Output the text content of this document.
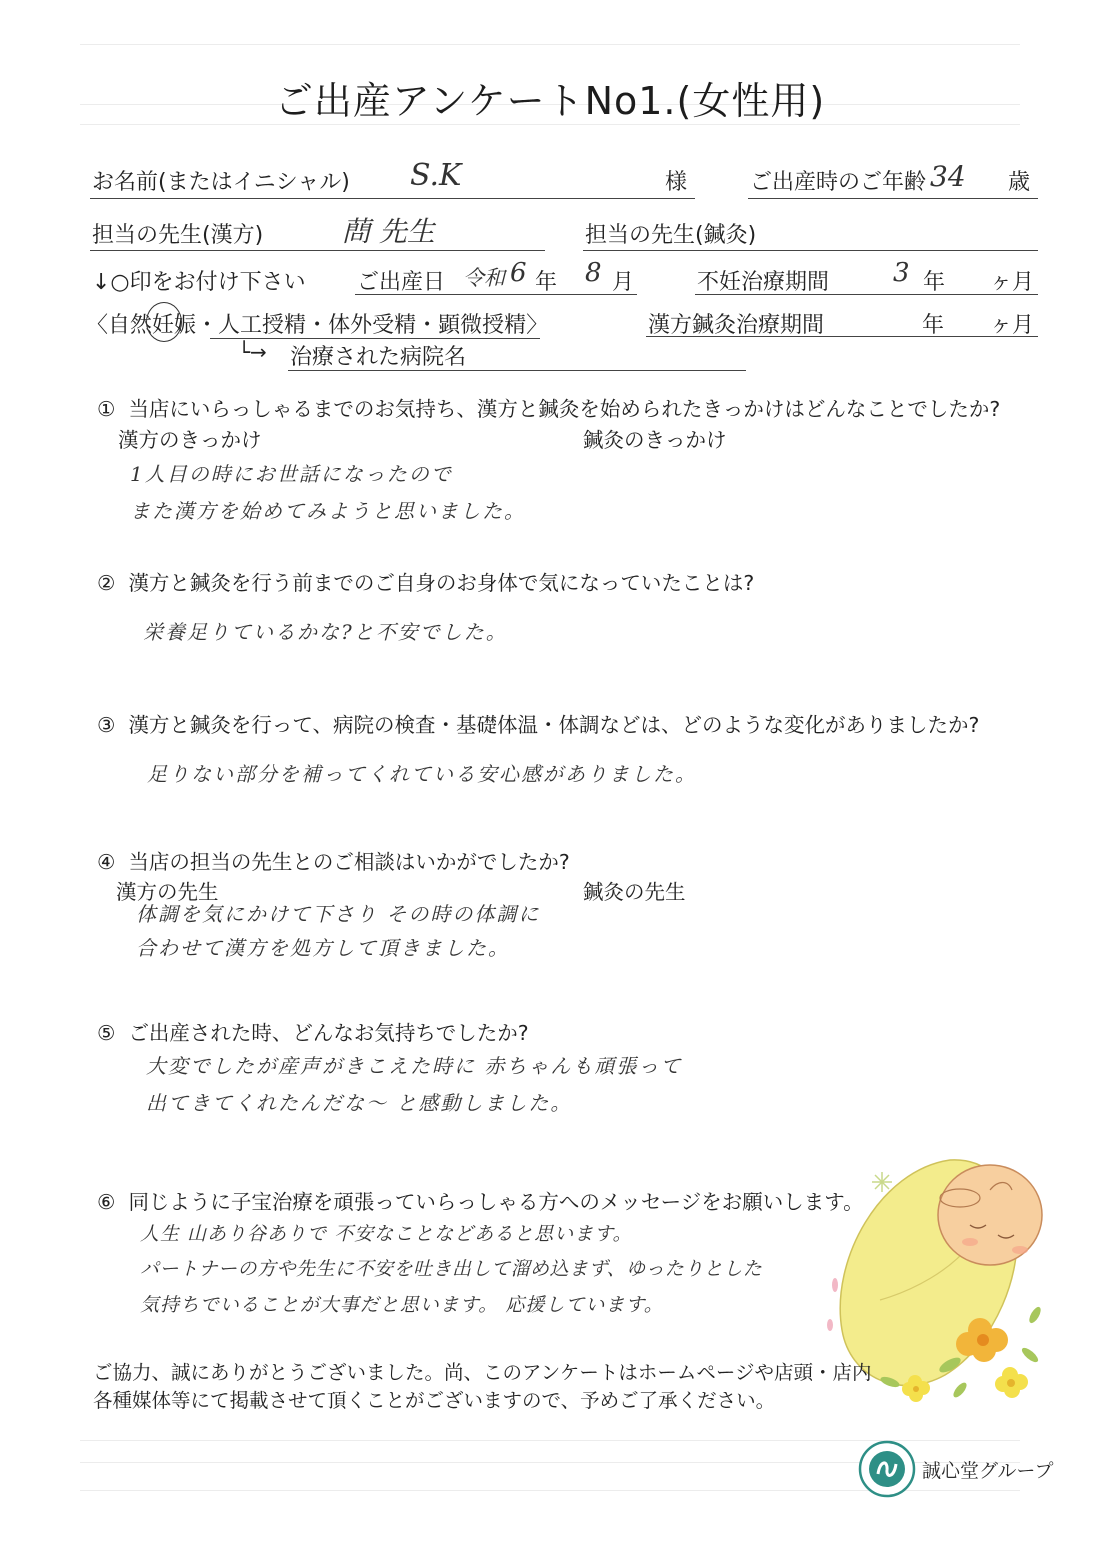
ご出産アンケートNo1.(女性用)
お名前(またはイニシャル) S.K	様	ご出産時のご年齢 34 歳
担当の先生(漢方)	蔄 先生	担当の先生(鍼灸)
↓○印をお付け下さい ご出産日 令和 6 年 8 月	不妊治療期間 3 年 ヶ月
〈自然妊娠・人工授精・体外受精・顕微授精〉	漢方鍼灸治療期間	年 ヶ月
└→ 治療された病院名
① 当店にいらっしゃるまでのお気持ち、漢方と鍼灸を始められたきっかけはどんなことでしたか?
漢方のきっかけ	鍼灸のきっかけ
1人目の時にお世話になったので
また漢方を始めてみようと思いました。
② 漢方と鍼灸を行う前までのご自身のお身体で気になっていたことは?
栄養足りているかな?と不安でした。
③ 漢方と鍼灸を行って、病院の検査・基礎体温・体調などは、どのような変化がありましたか?
足りない部分を補ってくれている安心感がありました。
④ 当店の担当の先生とのご相談はいかがでしたか?
漢方の先生	鍼灸の先生
体調を気にかけて下さり その時の体調に
合わせて漢方を処方して頂きました。
⑤ ご出産された時、どんなお気持ちでしたか?
大変でしたが産声がきこえた時に 赤ちゃんも頑張って
出てきてくれたんだな〜 と感動しました。
⑥ 同じように子宝治療を頑張っていらっしゃる方へのメッセージをお願いします。
人生 山あり谷ありで 不安なことなどあると思います。
パートナーの方や先生に不安を吐き出して溜め込まず、ゆったりとした
気持ちでいることが大事だと思います。 応援しています。
ご協力、誠にありがとうございました。尚、このアンケートはホームページや店頭・店内
各種媒体等にて掲載させて頂くことがございますので、予めご了承ください。
誠心堂グループ
